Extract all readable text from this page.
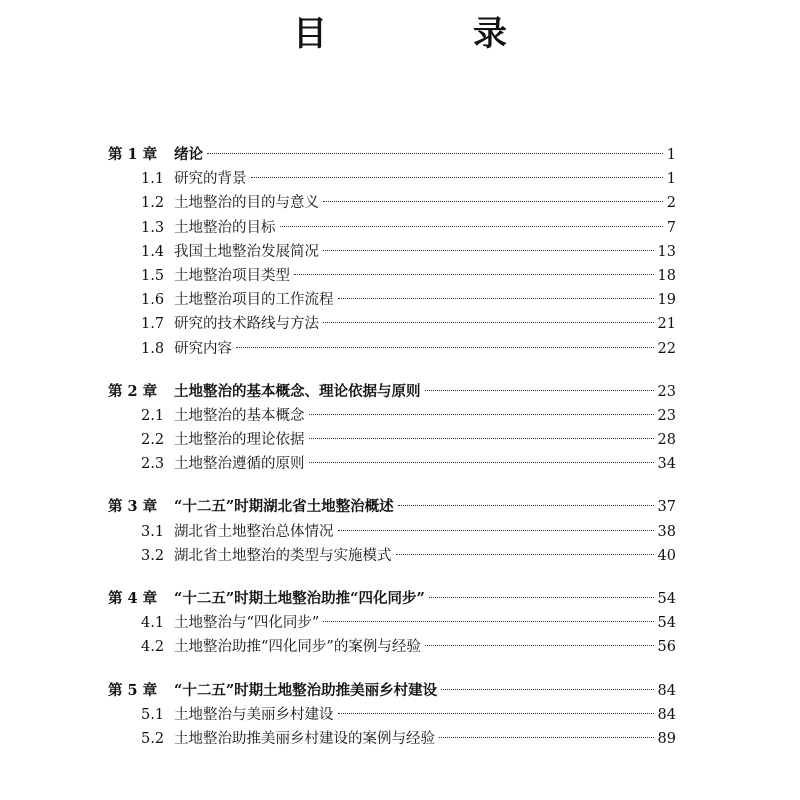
目　录
第 1 章	绪论	1
1.1 研究的背景	1
1.2 土地整治的目的与意义	2
1.3 土地整治的目标	7
1.4 我国土地整治发展简况	13
1.5 土地整治项目类型	18
1.6 土地整治项目的工作流程	19
1.7 研究的技术路线与方法	21
1.8 研究内容	22
第 2 章	土地整治的基本概念、理论依据与原则	23
2.1 土地整治的基本概念	23
2.2 土地整治的理论依据	28
2.3 土地整治遵循的原则	34
第 3 章	“十二五”时期湖北省土地整治概述	37
3.1 湖北省土地整治总体情况	38
3.2 湖北省土地整治的类型与实施模式	40
第 4 章	“十二五”时期土地整治助推“四化同步”	54
4.1 土地整治与“四化同步”	54
4.2 土地整治助推“四化同步”的案例与经验	56
第 5 章	“十二五”时期土地整治助推美丽乡村建设	84
5.1 土地整治与美丽乡村建设	84
5.2 土地整治助推美丽乡村建设的案例与经验	89
